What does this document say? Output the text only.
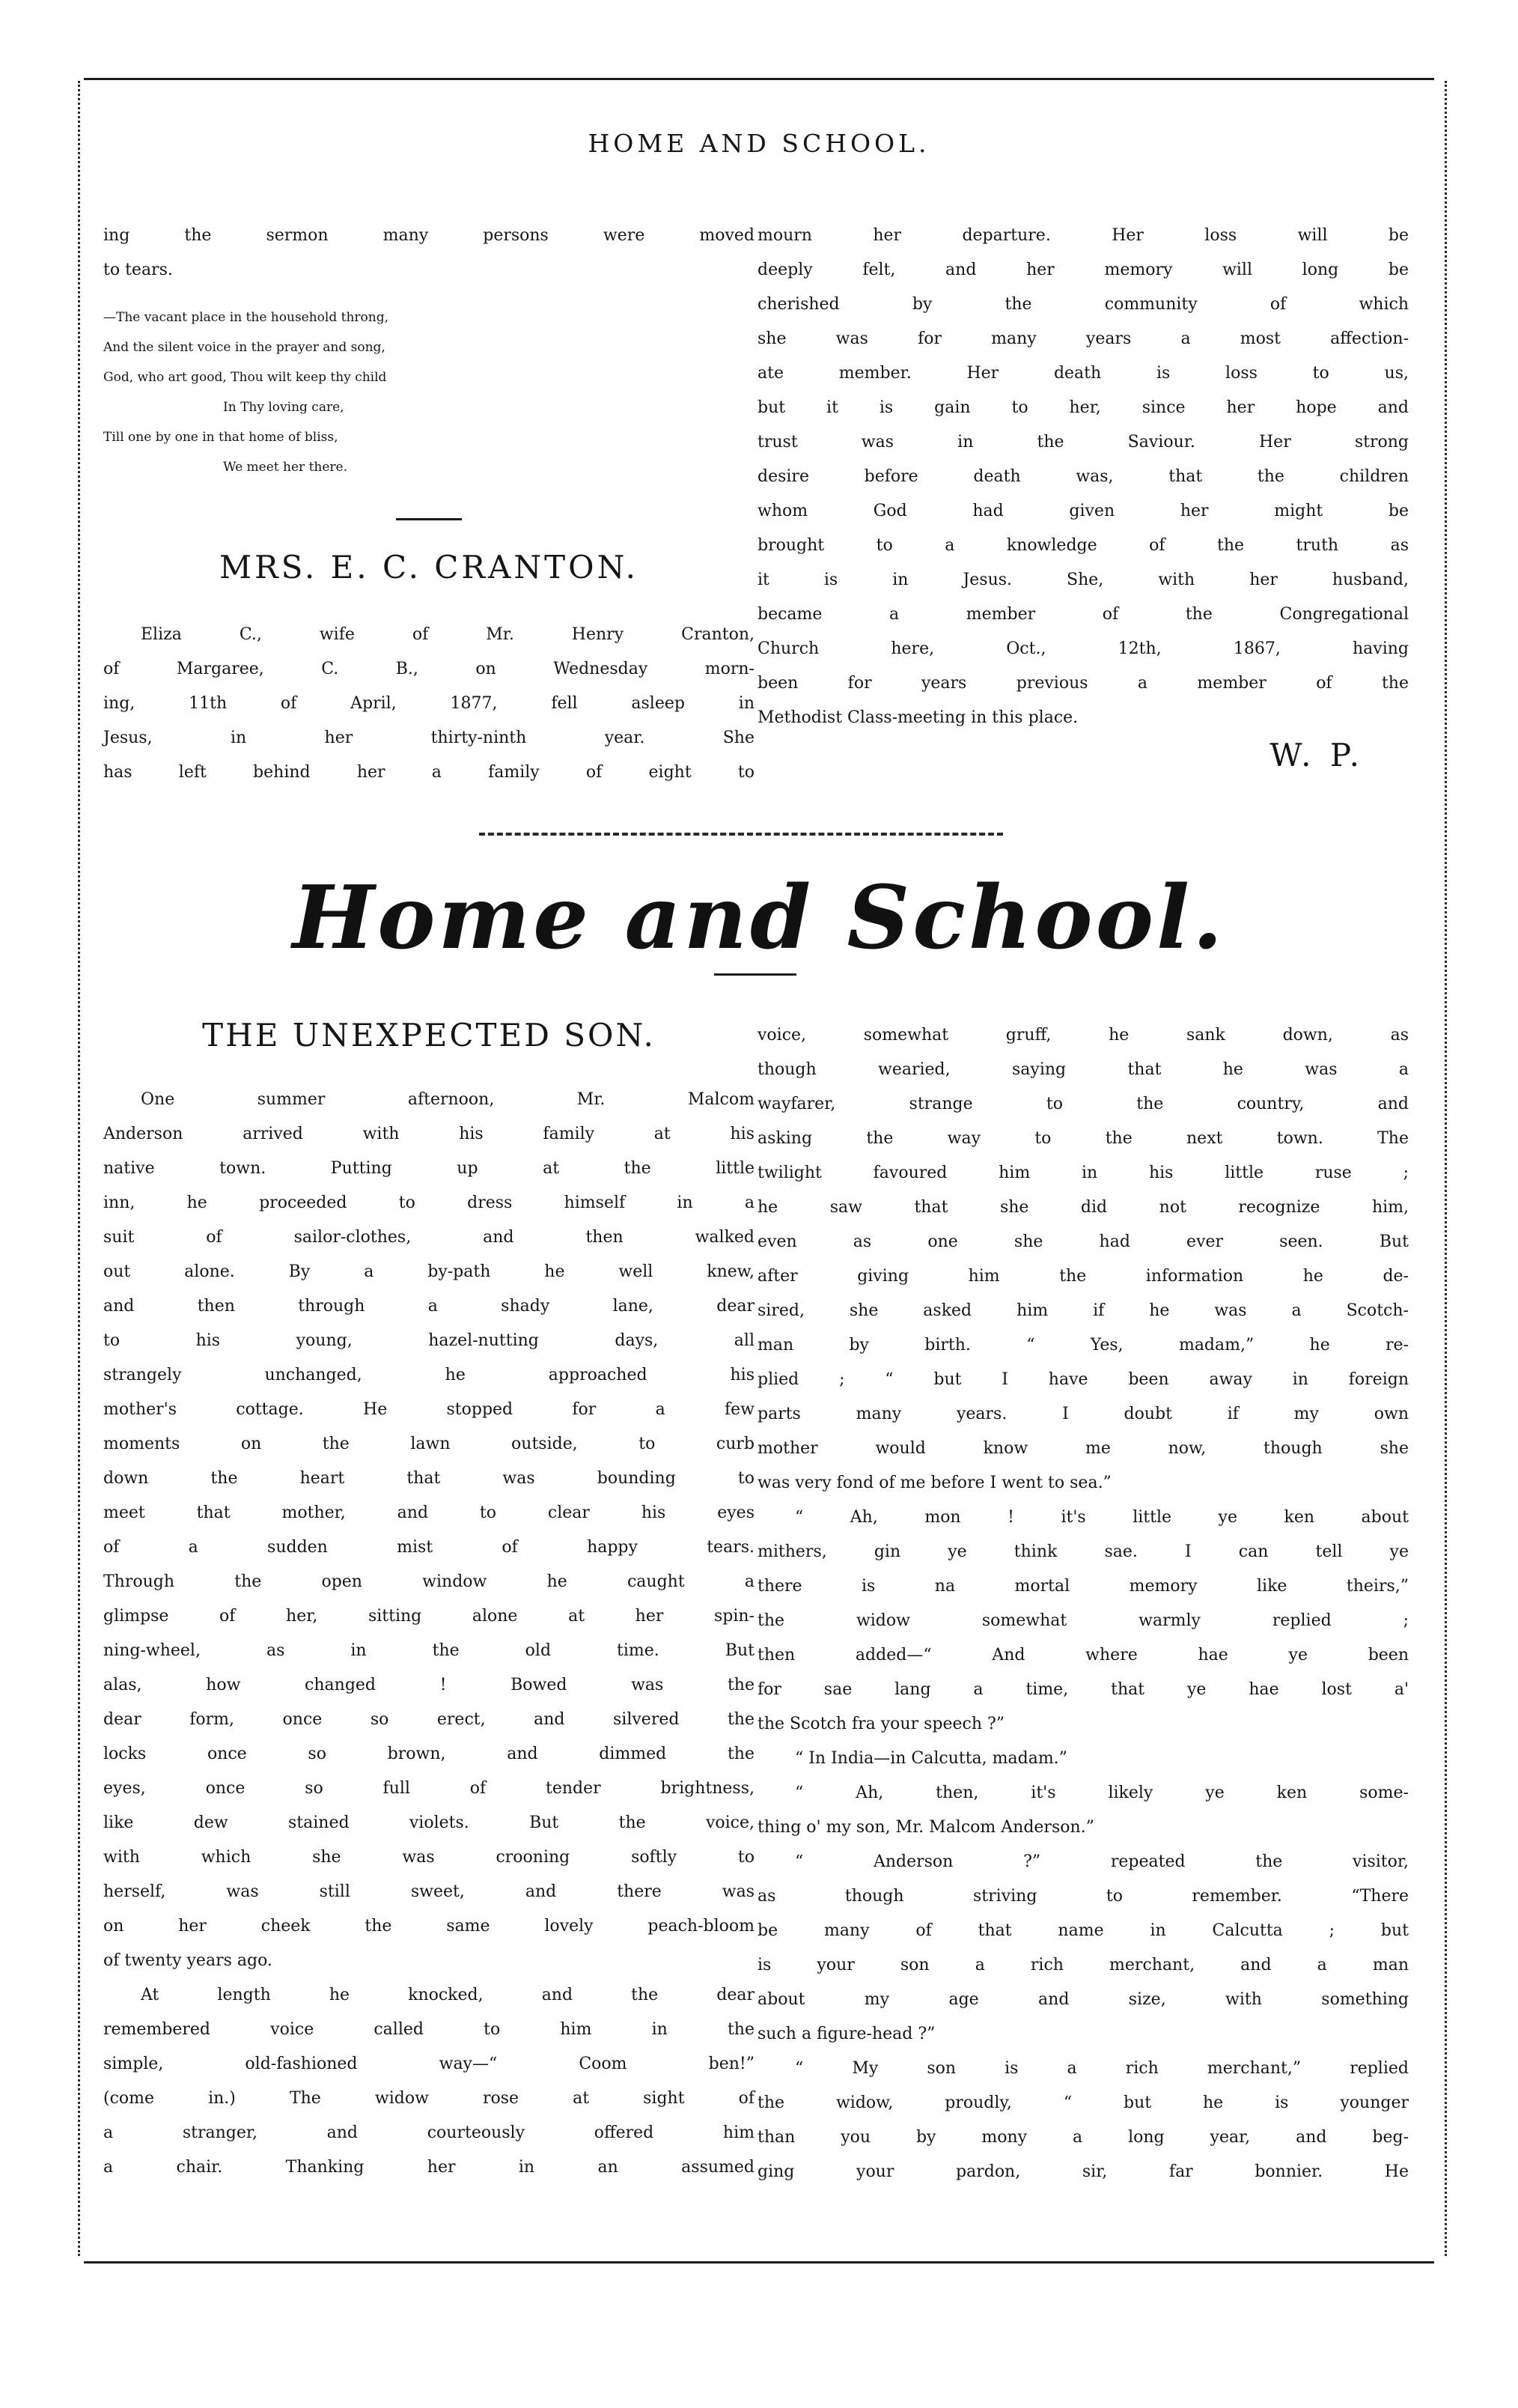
HOME AND SCHOOL.

ing the sermon many persons were moved
to tears.

—The vacant place in the household throng,
And the silent voice in the prayer and song,
God, who art good, Thou wilt keep thy child
In Thy loving care,
Till one by one in that home of bliss,
We meet her there.
MRS. E. C. CRANTON.

Eliza C., wife of Mr. Henry Cranton,
of Margaree, C. B., on Wednesday morn-
ing, 11th of April, 1877, fell asleep in
Jesus, in her thirty-ninth year. She
has left behind her a family of eight to

mourn her departure. Her loss will be
deeply felt, and her memory will long be
cherished by the community of which
she was for many years a most affection-
ate member. Her death is loss to us,
but it is gain to her, since her hope and
trust was in the Saviour. Her strong
desire before death was, that the children
whom God had given her might be
brought to a knowledge of the truth as
it is in Jesus. She, with her husband,
became a member of the Congregational
Church here, Oct., 12th, 1867, having
been for years previous a member of the
Methodist Class-meeting in this place.

W. P.
Home and School.
THE UNEXPECTED SON.

One summer afternoon, Mr. Malcom
Anderson arrived with his family at his
native town. Putting up at the little
inn, he proceeded to dress himself in a
suit of sailor-clothes, and then walked
out alone. By a by-path he well knew,
and then through a shady lane, dear
to his young, hazel-nutting days, all
strangely unchanged, he approached his
mother's cottage. He stopped for a few
moments on the lawn outside, to curb
down the heart that was bounding to
meet that mother, and to clear his eyes
of a sudden mist of happy tears.
Through the open window he caught a
glimpse of her, sitting alone at her spin-
ning-wheel, as in the old time. But
alas, how changed ! Bowed was the
dear form, once so erect, and silvered the
locks once so brown, and dimmed the
eyes, once so full of tender brightness,
like dew stained violets. But the voice,
with which she was crooning softly to
herself, was still sweet, and there was
on her cheek the same lovely peach-bloom
of twenty years ago.

At length he knocked, and the dear
remembered voice called to him in the
simple, old-fashioned way—“ Coom ben!”
(come in.) The widow rose at sight of
a stranger, and courteously offered him
a chair. Thanking her in an assumed

voice, somewhat gruff, he sank down, as
though wearied, saying that he was a
wayfarer, strange to the country, and
asking the way to the next town. The
twilight favoured him in his little ruse ;
he saw that she did not recognize him,
even as one she had ever seen. But
after giving him the information he de-
sired, she asked him if he was a Scotch-
man by birth. “ Yes, madam,” he re-
plied ; “ but I have been away in foreign
parts many years. I doubt if my own
mother would know me now, though she
was very fond of me before I went to sea.”

“ Ah, mon ! it's little ye ken about
mithers, gin ye think sae. I can tell ye
there is na mortal memory like theirs,”
the widow somewhat warmly replied ;
then added—“ And where hae ye been
for sae lang a time, that ye hae lost a'
the Scotch fra your speech ?”

“ In India—in Calcutta, madam.”

“ Ah, then, it's likely ye ken some-
thing o' my son, Mr. Malcom Anderson.”

“ Anderson ?” repeated the visitor,
as though striving to remember. “There
be many of that name in Calcutta ; but
is your son a rich merchant, and a man
about my age and size, with something
such a figure-head ?”

“ My son is a rich merchant,” replied
the widow, proudly, “ but he is younger
than you by mony a long year, and beg-
ging your pardon, sir, far bonnier. He
